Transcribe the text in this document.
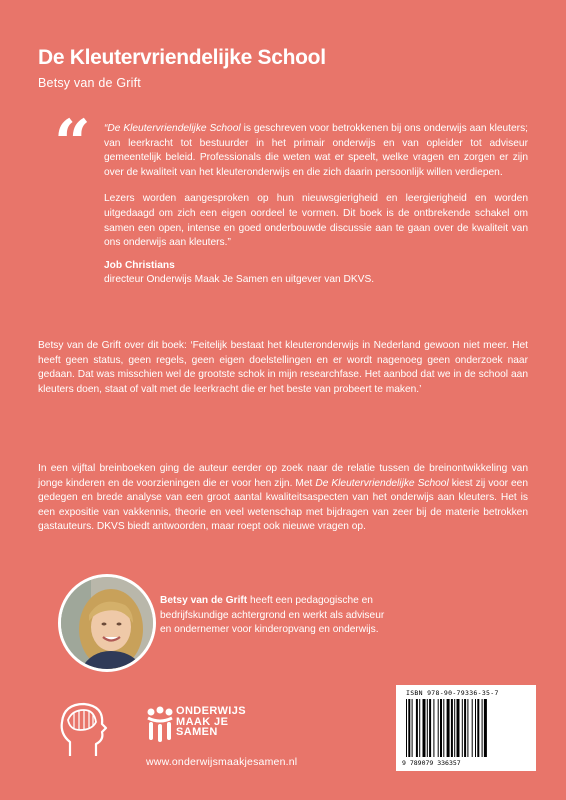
De Kleutervriendelijke School
Betsy van de Grift
“ “De Kleutervriendelijke School is geschreven voor betrokkenen bij ons onderwijs aan kleuters; van leerkracht tot bestuurder in het primair onderwijs en van opleider tot adviseur gemeentelijk beleid. Professionals die weten wat er speelt, welke vragen en zorgen er zijn over de kwaliteit van het kleuteronderwijs en die zich daarin persoonlijk willen verdiepen.

Lezers worden aangesproken op hun nieuwsgierigheid en leergierigheid en worden uitgedaagd om zich een eigen oordeel te vormen. Dit boek is de ontbrekende schakel om samen een open, intense en goed onderbouwde discussie aan te gaan over de kwaliteit van ons onderwijs aan kleuters.”

Job Christians

directeur Onderwijs Maak Je Samen en uitgever van DKVS.

Betsy van de Grift over dit boek: ‘Feitelijk bestaat het kleuteronderwijs in Nederland gewoon niet meer. Het heeft geen status, geen regels, geen eigen doelstellingen en er wordt nagenoeg geen onderzoek naar gedaan. Dat was misschien wel de grootste schok in mijn researchfase. Het aanbod dat we in de school aan kleuters doen, staat of valt met de leerkracht die er het beste van probeert te maken.’

In een vijftal breinboeken ging de auteur eerder op zoek naar de relatie tussen de breinontwikkeling van jonge kinderen en de voorzieningen die er voor hen zijn. Met De Kleutervriendelijke School kiest zij voor een gedegen en brede analyse van een groot aantal kwaliteitsaspecten van het onderwijs aan kleuters. Het is een expositie van vakkennis, theorie en veel wetenschap met bijdragen van zeer bij de materie betrokken gastauteurs. DKVS biedt antwoorden, maar roept ook nieuwe vragen op.

Betsy van de Grift heeft een pedagogische en bedrijfskundige achtergrond en werkt als adviseur en ondernemer voor kinderopvang en onderwijs.

ISBN 978-90-79336-35-7
9 789079 336357
ONDERWIJS
MAAK JE
SAMEN
www.onderwijsmaakjesamen.nl
